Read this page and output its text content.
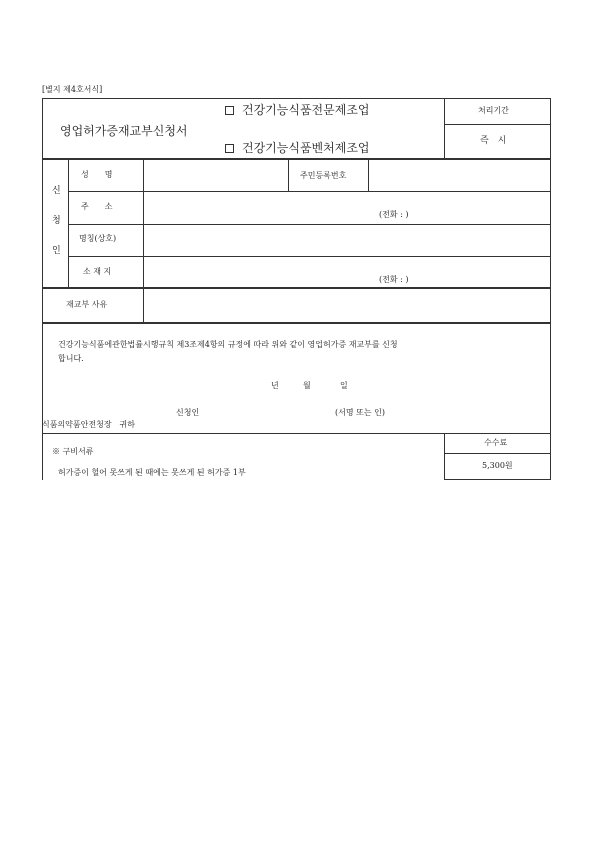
[별지 제4호서식]
영업허가증재교부신청서
건강기능식품전문제조업
건강기능식품벤처제조업
처리기간
즉　시
신
청
인
성　　명	주민등록번호
주　　소
(전화 : )
명칭(상호)
소 재 지
(전화 : )
재교부 사유
건강기능식품에관한법률시행규칙 제3조제4항의 규정에 따라 위와 같이 영업허가증 재교부를 신청
합니다.
년	월	일
신청인	(서명 또는 인)
식품의약품안전청장　귀하
※ 구비서류
허가증이 헐어 못쓰게 된 때에는 못쓰게 된 허가증 1부
수수료
5,300원
